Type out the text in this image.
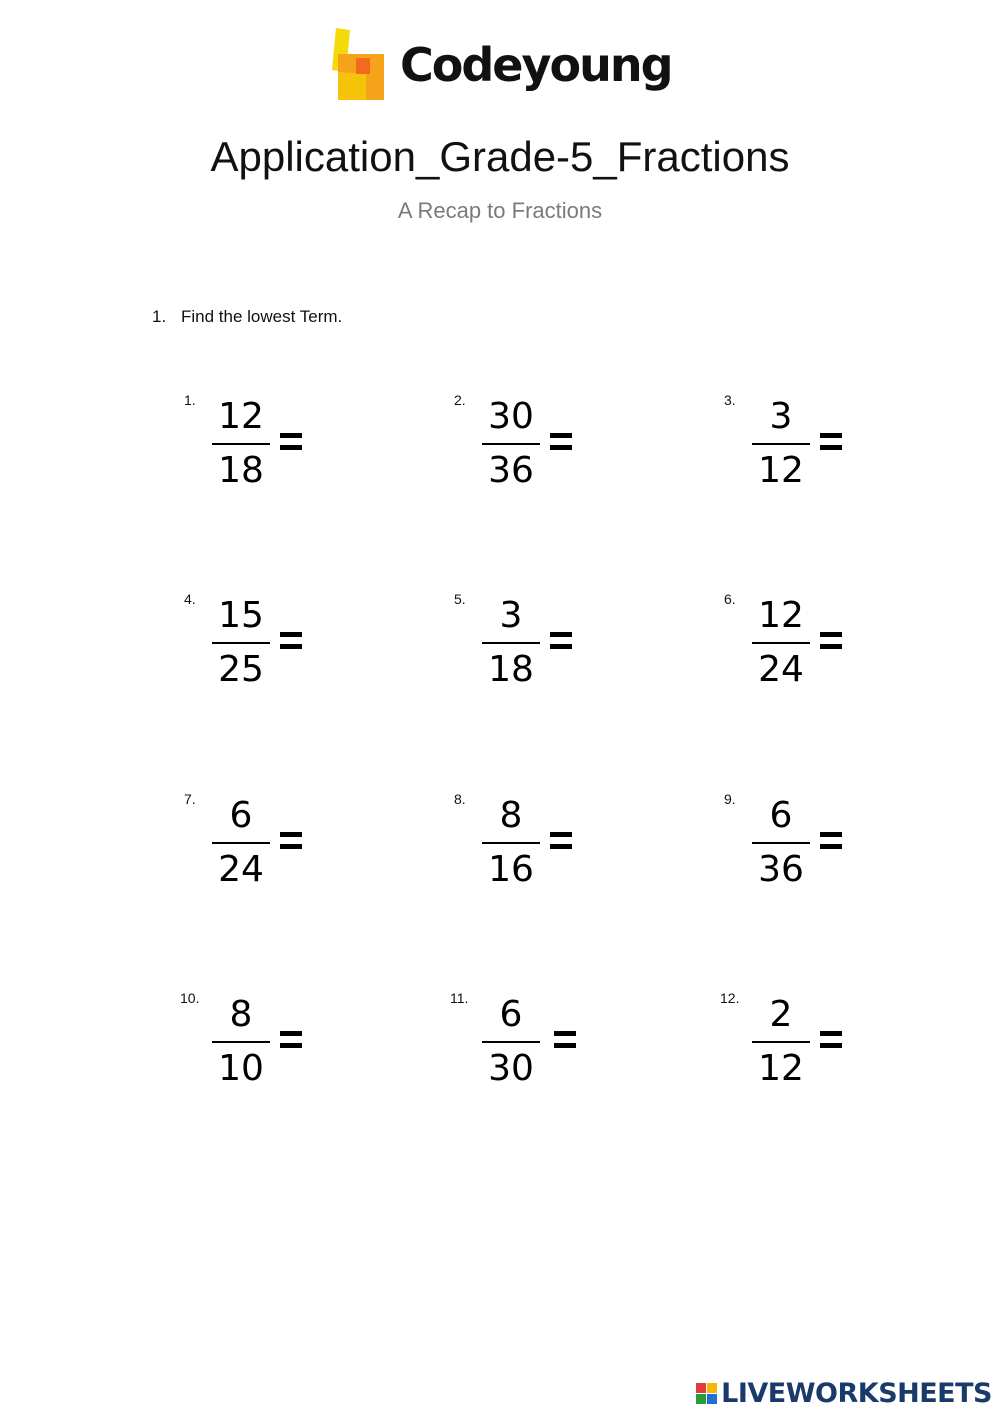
Codeyoung
Application_Grade-5_Fractions
A Recap to Fractions
1. Find the lowest Term.
1. 12
18
2. 30
36
3. 3
12
4. 15
25
5. 3
18
6. 12
24
7. 6
24
8. 8
16
9. 6
36
10. 8
10
11. 6
30
12. 2
12
LIVEWORKSHEETS
